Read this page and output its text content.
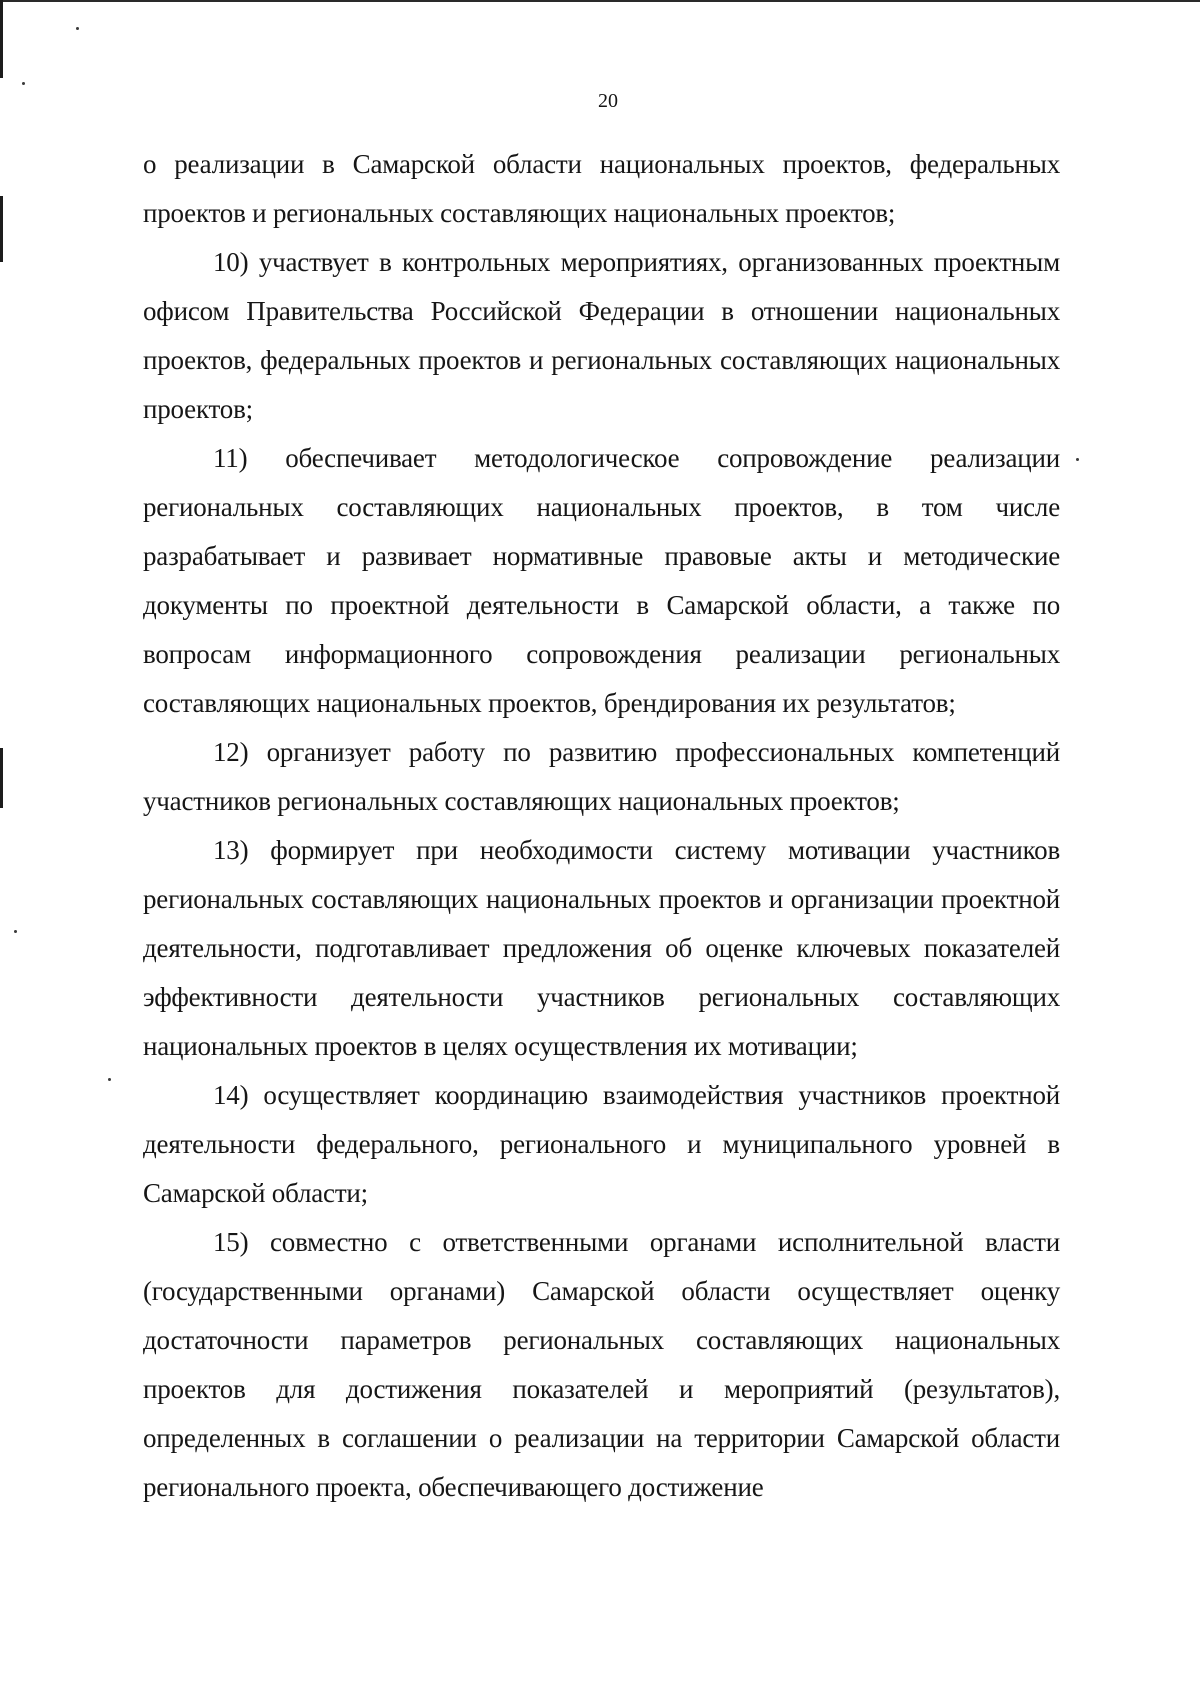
20

о реализации в Самарской области национальных проектов, федеральных проектов и региональных составляющих национальных проектов;

10) участвует в контрольных мероприятиях, организованных проектным офисом Правительства Российской Федерации в отношении национальных проектов, федеральных проектов и региональных составляющих национальных проектов;

11) обеспечивает методологическое сопровождение реализации региональных составляющих национальных проектов, в том числе разрабатывает и развивает нормативные правовые акты и методические документы по проектной деятельности в Самарской области, а также по вопросам информационного сопровождения реализации региональных составляющих национальных проектов, брендирования их результатов;

12) организует работу по развитию профессиональных компетенций участников региональных составляющих национальных проектов;

13) формирует при необходимости систему мотивации участников региональных составляющих национальных проектов и организации проектной деятельности, подготавливает предложения об оценке ключевых показателей эффективности деятельности участников региональных составляющих национальных проектов в целях осуществления их мотивации;

14) осуществляет координацию взаимодействия участников проектной деятельности федерального, регионального и муниципального уровней в Самарской области;

15) совместно с ответственными органами исполнительной власти (государственными органами) Самарской области осуществляет оценку достаточности параметров региональных составляющих национальных проектов для достижения показателей и мероприятий (результатов), определенных в соглашении о реализации на территории Самарской области регионального проекта, обеспечивающего достижение
